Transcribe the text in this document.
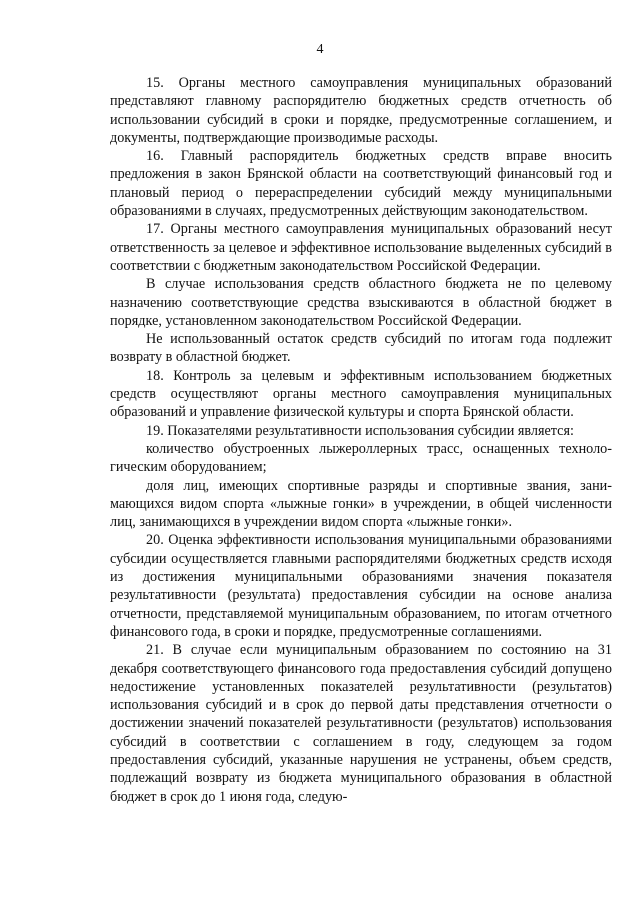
4

15. Органы местного самоуправления муниципальных образований представляют главному распорядителю бюджетных средств отчетность об использовании субсидий в сроки и порядке, предусмотренные соглашением, и документы, подтверждающие производимые расходы.

16. Главный распорядитель бюджетных средств вправе вносить предложения в закон Брянской области на соответствующий финансовый год и плановый период о перераспределении субсидий между муниципальными образованиями в случаях, предусмотренных действующим законодательством.

17. Органы местного самоуправления муниципальных образований несут ответственность за целевое и эффективное использование выделенных субсидий в соответствии с бюджетным законодательством Российской Федерации.

В случае использования средств областного бюджета не по целевому назначению соответствующие средства взыскиваются в областной бюджет в порядке, установленном законодательством Российской Федерации.

Не использованный остаток средств субсидий по итогам года подлежит возврату в областной бюджет.

18. Контроль за целевым и эффективным использованием бюджетных средств осуществляют органы местного самоуправления муниципальных образований и управление физической культуры и спорта Брянской области.

19. Показателями результативности использования субсидии является:

количество обустроенных лыжероллерных трасс, оснащенных технологическим оборудованием;

доля лиц, имеющих спортивные разряды и спортивные звания, занимающихся видом спорта «лыжные гонки» в учреждении, в общей численности лиц, занимающихся в учреждении видом спорта «лыжные гонки».

20. Оценка эффективности использования муниципальными образованиями субсидии осуществляется главными распорядителями бюджетных средств исходя из достижения муниципальными образованиями значения показателя результативности (результата) предоставления субсидии на основе анализа отчетности, представляемой муниципальным образованием, по итогам отчетного финансового года, в сроки и порядке, предусмотренные соглашениями.

21. В случае если муниципальным образованием по состоянию на 31 декабря соответствующего финансового года предоставления субсидий допущено недостижение установленных показателей результативности (результатов) использования субсидий и в срок до первой даты представления отчетности о достижении значений показателей результативности (результатов) использования субсидий в соответствии с соглашением в году, следующем за годом предоставления субсидий, указанные нарушения не устранены, объем средств, подлежащий возврату из бюджета муниципального образования в областной бюджет в срок до 1 июня года, следую-
